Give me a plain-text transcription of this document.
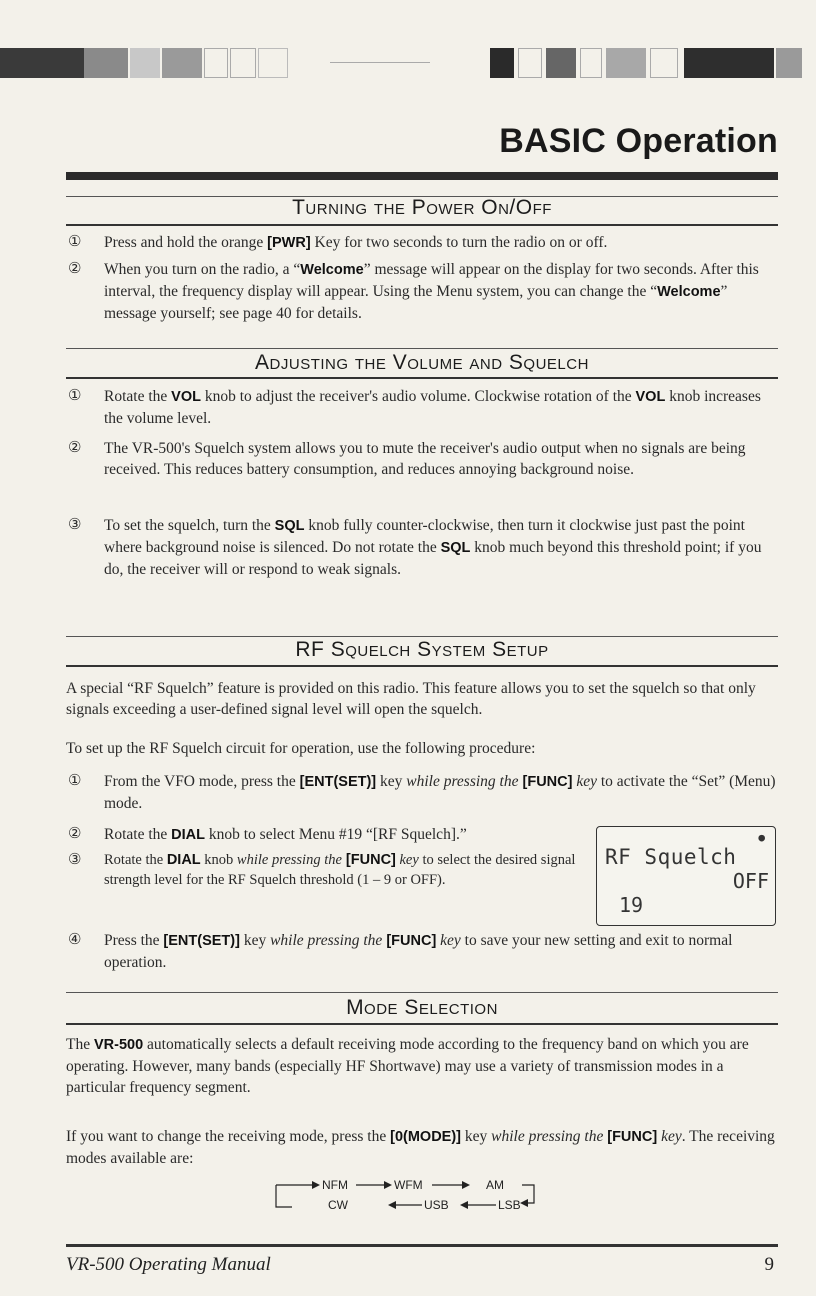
BASIC Operation
Turning the Power On/Off
①	Press and hold the orange [PWR] Key for two seconds to turn the radio on or off.
②	When you turn on the radio, a “Welcome” message will appear on the display for two seconds. After this interval, the frequency display will appear. Using the Menu system, you can change the “Welcome” message yourself; see page 40 for details.
Adjusting the Volume and Squelch
①	Rotate the VOL knob to adjust the receiver's audio volume. Clockwise rotation of the VOL knob increases the volume level.
②	The VR-500's Squelch system allows you to mute the receiver's audio output when no signals are being received. This reduces battery consumption, and reduces annoying background noise.
③	To set the squelch, turn the SQL knob fully counter-clockwise, then turn it clockwise just past the point where background noise is silenced. Do not rotate the SQL knob much beyond this threshold point; if you do, the receiver will or respond to weak signals.
RF Squelch System Setup
A special “RF Squelch” feature is provided on this radio. This feature allows you to set the squelch so that only signals exceeding a user-defined signal level will open the squelch.
To set up the RF Squelch circuit for operation, use the following procedure:
①	From the VFO mode, press the [ENT(SET)] key while pressing the [FUNC] key to activate the “Set” (Menu) mode.
②	Rotate the DIAL knob to select Menu #19 “[RF Squelch].”
③	Rotate the DIAL knob while pressing the [FUNC] key to select the desired signal strength level for the RF Squelch threshold (1 – 9 or OFF).
④	Press the [ENT(SET)] key while pressing the [FUNC] key to save your new setting and exit to normal operation.
●
RF Squelch
OFF
19
Mode Selection
The VR-500 automatically selects a default receiving mode according to the frequency band on which you are operating. However, many bands (especially HF Shortwave) may use a variety of transmission modes in a particular frequency segment.
If you want to change the receiving mode, press the [0(MODE)] key while pressing the [FUNC] key. The receiving modes available are:
NFM	WFM	AM
CW	USB	LSB
VR-500 Operating Manual	9
